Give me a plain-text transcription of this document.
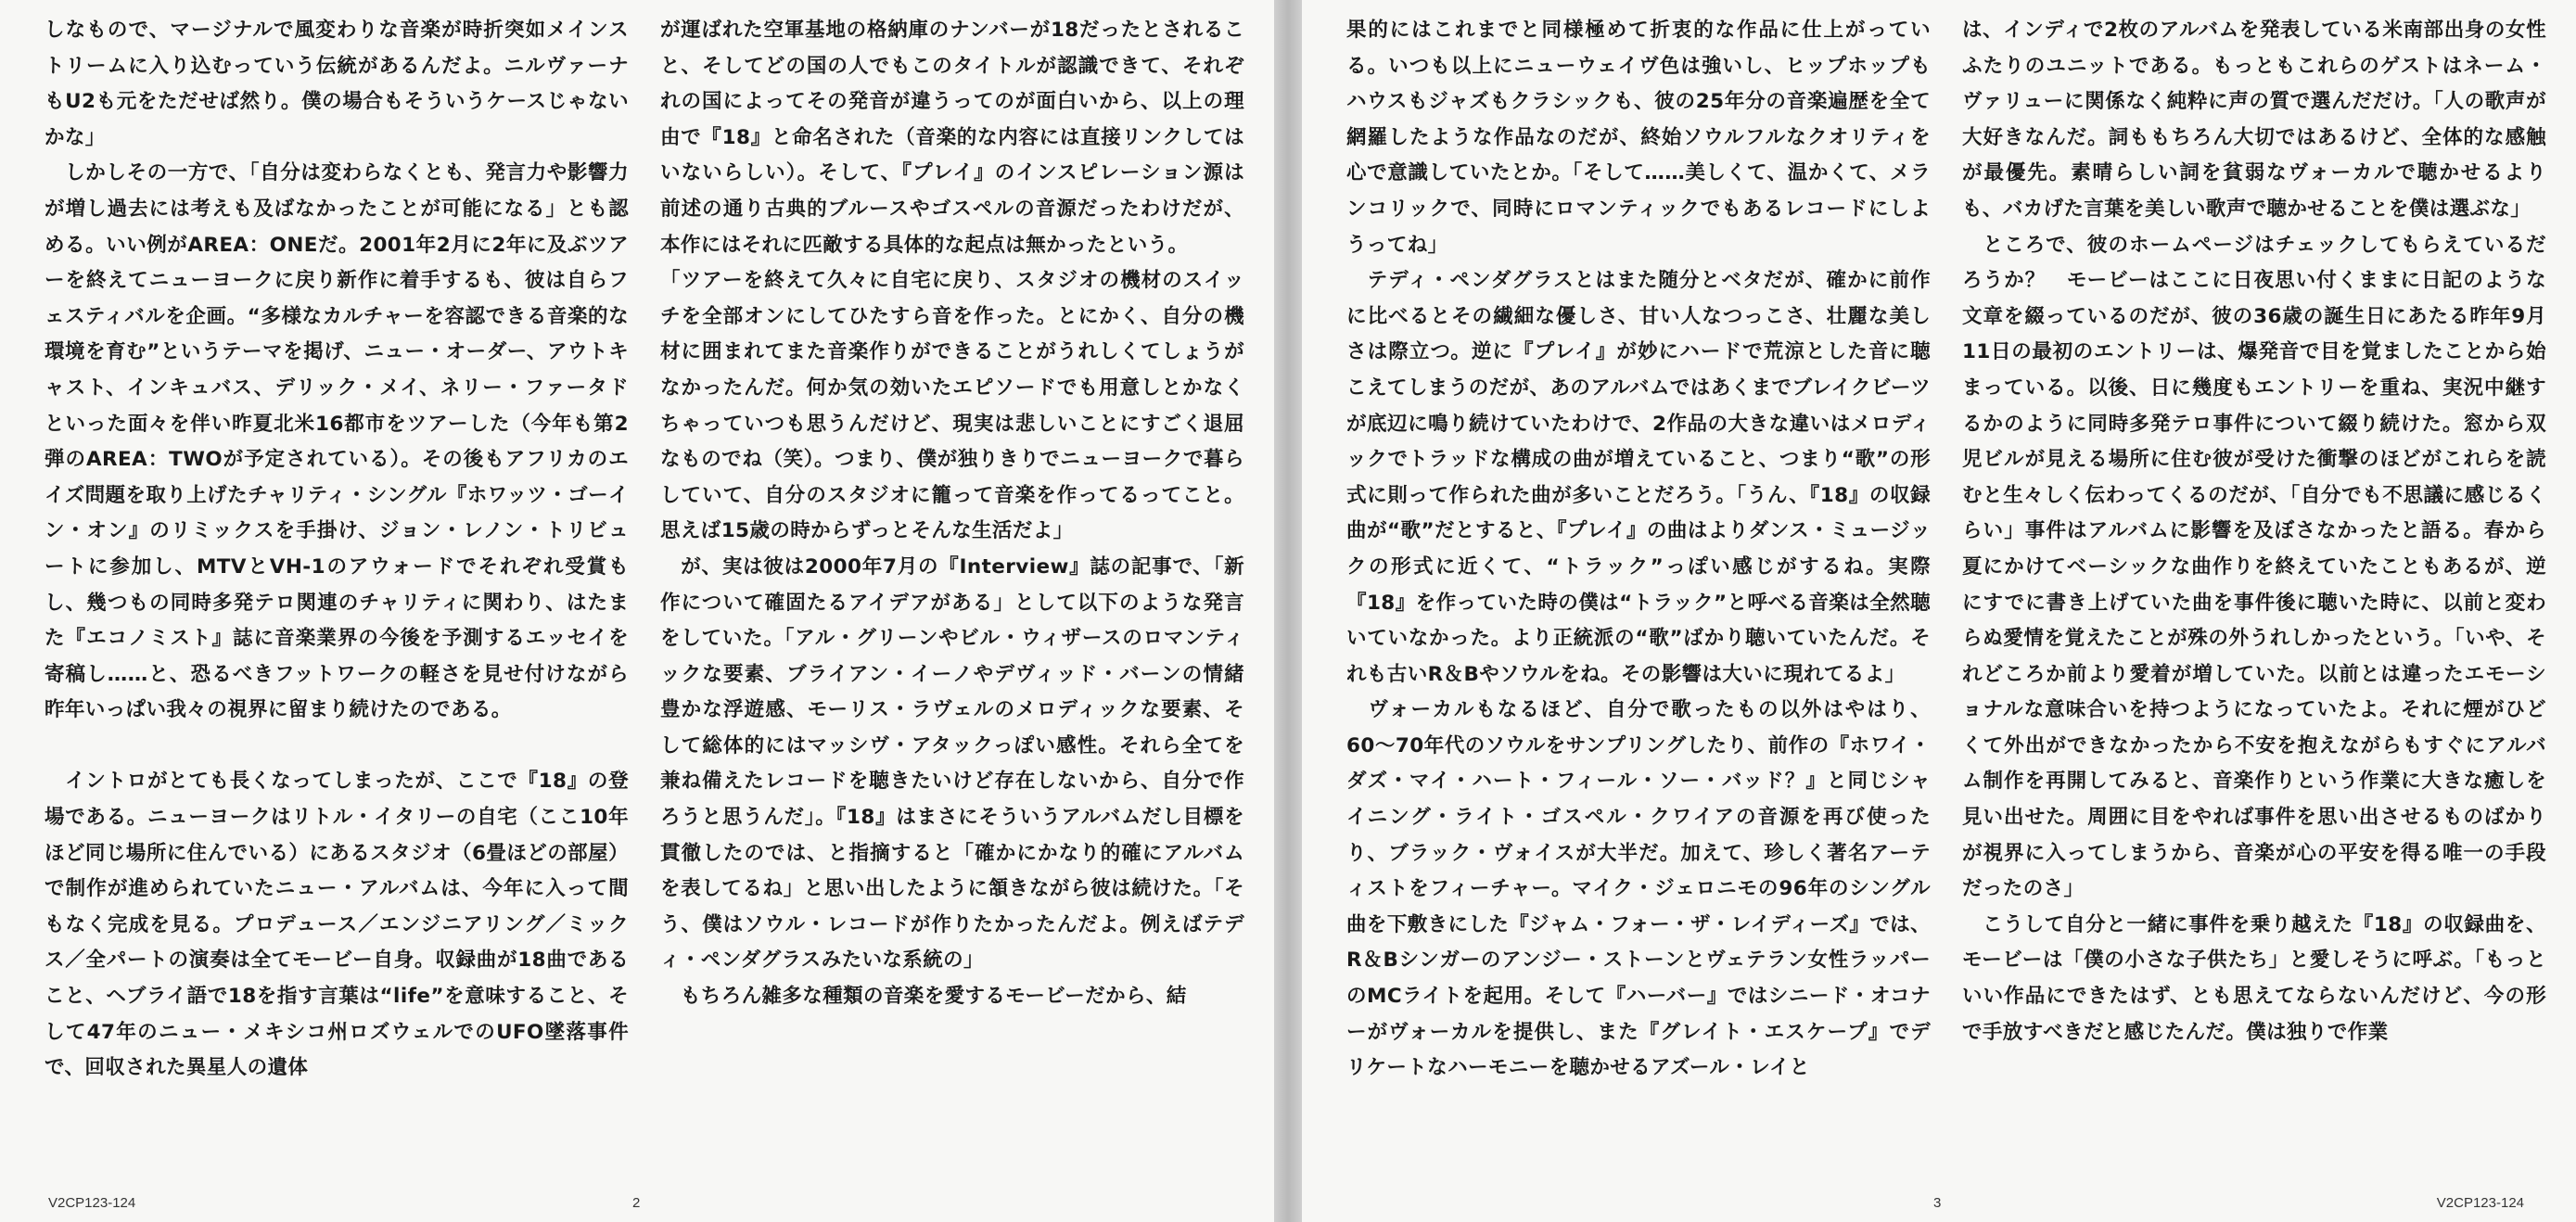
しなもので、マージナルで風変わりな音楽が時折突如メインストリームに入り込むっていう伝統があるんだよ。ニルヴァーナもU2も元をただせば然り。僕の場合もそういうケースじゃないかな」
　しかしその一方で、「自分は変わらなくとも、発言力や影響力が増し過去には考えも及ばなかったことが可能になる」とも認める。いい例がAREA：ONEだ。2001年2月に2年に及ぶツアーを終えてニューヨークに戻り新作に着手するも、彼は自らフェスティバルを企画。“多様なカルチャーを容認できる音楽的な環境を育む”というテーマを掲げ、ニュー・オーダー、アウトキャスト、インキュバス、デリック・メイ、ネリー・ファータドといった面々を伴い昨夏北米16都市をツアーした（今年も第2弾のAREA：TWOが予定されている）。その後もアフリカのエイズ問題を取り上げたチャリティ・シングル『ホワッツ・ゴーイン・オン』のリミックスを手掛け、ジョン・レノン・トリビュートに参加し、MTVとVH-1のアウォードでそれぞれ受賞もし、幾つもの同時多発テロ関連のチャリティに関わり、はたまた『エコノミスト』誌に音楽業界の今後を予測するエッセイを寄稿し……と、恐るべきフットワークの軽さを見せ付けながら昨年いっぱい我々の視界に留まり続けたのである。

　イントロがとても長くなってしまったが、ここで『18』の登場である。ニューヨークはリトル・イタリーの自宅（ここ10年ほど同じ場所に住んでいる）にあるスタジオ（6畳ほどの部屋）で制作が進められていたニュー・アルバムは、今年に入って間もなく完成を見る。プロデュース／エンジニアリング／ミックス／全パートの演奏は全てモービー自身。収録曲が18曲であること、ヘブライ語で18を指す言葉は“life”を意味すること、そして47年のニュー・メキシコ州ロズウェルでのUFO墜落事件で、回収された異星人の遺体
が運ばれた空軍基地の格納庫のナンバーが18だったとされること、そしてどの国の人でもこのタイトルが認識できて、それぞれの国によってその発音が違うってのが面白いから、以上の理由で『18』と命名された（音楽的な内容には直接リンクしてはいないらしい）。そして、『プレイ』のインスピレーション源は前述の通り古典的ブルースやゴスペルの音源だったわけだが、本作にはそれに匹敵する具体的な起点は無かったという。
「ツアーを終えて久々に自宅に戻り、スタジオの機材のスイッチを全部オンにしてひたすら音を作った。とにかく、自分の機材に囲まれてまた音楽作りができることがうれしくてしょうがなかったんだ。何か気の効いたエピソードでも用意しとかなくちゃっていつも思うんだけど、現実は悲しいことにすごく退屈なものでね（笑）。つまり、僕が独りきりでニューヨークで暮らしていて、自分のスタジオに籠って音楽を作ってるってこと。思えば15歳の時からずっとそんな生活だよ」
　が、実は彼は2000年7月の『Interview』誌の記事で、「新作について確固たるアイデアがある」として以下のような発言をしていた。「アル・グリーンやビル・ウィザースのロマンティックな要素、ブライアン・イーノやデヴィッド・バーンの情緒豊かな浮遊感、モーリス・ラヴェルのメロディックな要素、そして総体的にはマッシヴ・アタックっぽい感性。それら全てを兼ね備えたレコードを聴きたいけど存在しないから、自分で作ろうと思うんだ」。『18』はまさにそういうアルバムだし目標を貫徹したのでは、と指摘すると「確かにかなり的確にアルバムを表してるね」と思い出したように頷きながら彼は続けた。「そう、僕はソウル・レコードが作りたかったんだよ。例えばテディ・ペンダグラスみたいな系統の」
　もちろん雑多な種類の音楽を愛するモービーだから、結
V2CP123-124	2
果的にはこれまでと同様極めて折衷的な作品に仕上がっている。いつも以上にニューウェイヴ色は強いし、ヒップホップもハウスもジャズもクラシックも、彼の25年分の音楽遍歴を全て網羅したような作品なのだが、終始ソウルフルなクオリティを心で意識していたとか。「そして……美しくて、温かくて、メランコリックで、同時にロマンティックでもあるレコードにしようってね」
　テディ・ペンダグラスとはまた随分とベタだが、確かに前作に比べるとその繊細な優しさ、甘い人なつっこさ、壮麗な美しさは際立つ。逆に『プレイ』が妙にハードで荒涼とした音に聴こえてしまうのだが、あのアルバムではあくまでブレイクビーツが底辺に鳴り続けていたわけで、2作品の大きな違いはメロディックでトラッドな構成の曲が増えていること、つまり“歌”の形式に則って作られた曲が多いことだろう。「うん、『18』の収録曲が“歌”だとすると、『プレイ』の曲はよりダンス・ミュージックの形式に近くて、“トラック”っぽい感じがするね。実際『18』を作っていた時の僕は“トラック”と呼べる音楽は全然聴いていなかった。より正統派の“歌”ばかり聴いていたんだ。それも古いR＆Bやソウルをね。その影響は大いに現れてるよ」
　ヴォーカルもなるほど、自分で歌ったもの以外はやはり、60〜70年代のソウルをサンプリングしたり、前作の『ホワイ・ダズ・マイ・ハート・フィール・ソー・バッド？』と同じシャイニング・ライト・ゴスペル・クワイアの音源を再び使ったり、ブラック・ヴォイスが大半だ。加えて、珍しく著名アーティストをフィーチャー。マイク・ジェロニモの96年のシングル曲を下敷きにした『ジャム・フォー・ザ・レイディーズ』では、R＆Bシンガーのアンジー・ストーンとヴェテラン女性ラッパーのMCライトを起用。そして『ハーバー』ではシニード・オコナーがヴォーカルを提供し、また『グレイト・エスケープ』でデリケートなハーモニーを聴かせるアズール・レイと
は、インディで2枚のアルバムを発表している米南部出身の女性ふたりのユニットである。もっともこれらのゲストはネーム・ヴァリューに関係なく純粋に声の質で選んだだけ。「人の歌声が大好きなんだ。詞ももちろん大切ではあるけど、全体的な感触が最優先。素晴らしい詞を貧弱なヴォーカルで聴かせるよりも、バカげた言葉を美しい歌声で聴かせることを僕は選ぶな」
　ところで、彼のホームページはチェックしてもらえているだろうか？　モービーはここに日夜思い付くままに日記のような文章を綴っているのだが、彼の36歳の誕生日にあたる昨年9月11日の最初のエントリーは、爆発音で目を覚ましたことから始まっている。以後、日に幾度もエントリーを重ね、実況中継するかのように同時多発テロ事件について綴り続けた。窓から双児ビルが見える場所に住む彼が受けた衝撃のほどがこれらを読むと生々しく伝わってくるのだが、「自分でも不思議に感じるくらい」事件はアルバムに影響を及ぼさなかったと語る。春から夏にかけてベーシックな曲作りを終えていたこともあるが、逆にすでに書き上げていた曲を事件後に聴いた時に、以前と変わらぬ愛情を覚えたことが殊の外うれしかったという。「いや、それどころか前より愛着が増していた。以前とは違ったエモーショナルな意味合いを持つようになっていたよ。それに煙がひどくて外出ができなかったから不安を抱えながらもすぐにアルバム制作を再開してみると、音楽作りという作業に大きな癒しを見い出せた。周囲に目をやれば事件を思い出させるものばかりが視界に入ってしまうから、音楽が心の平安を得る唯一の手段だったのさ」
　こうして自分と一緒に事件を乗り越えた『18』の収録曲を、モービーは「僕の小さな子供たち」と愛しそうに呼ぶ。「もっといい作品にできたはず、とも思えてならないんだけど、今の形で手放すべきだと感じたんだ。僕は独りで作業
3	V2CP123-124
